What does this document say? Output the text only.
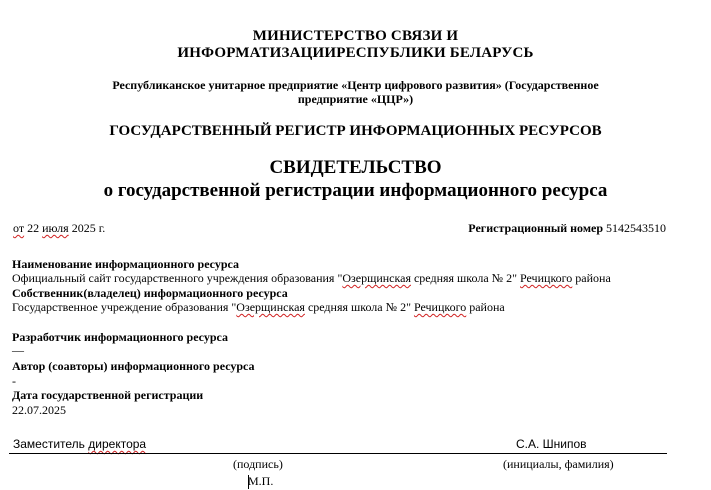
МИНИСТЕРСТВО СВЯЗИ И
ИНФОРМАТИЗАЦИИРЕСПУБЛИКИ БЕЛАРУСЬ
Республиканское унитарное предприятие «Центр цифрового развития» (Государственное
предприятие «ЦЦР»)
ГОСУДАРСТВЕННЫЙ РЕГИСТР ИНФОРМАЦИОННЫХ РЕСУРСОВ
СВИДЕТЕЛЬСТВО
о государственной регистрации информационного ресурса
от 22 июля 2025 г.	Регистрационный номер 5142543510
Наименование информационного ресурса
Официальный сайт государственного учреждения образования "Озерщинская средняя школа № 2" Речицкого района
Собственник(владелец) информационного ресурса
Государственное учреждение образования "Озерщинская средняя школа № 2" Речицкого района
Разработчик информационного ресурса
—
Автор (соавторы) информационного ресурса
-
Дата государственной регистрации
22.07.2025
Заместитель директора	С.А. Шнипов
(подпись)	(инициалы, фамилия)
М.П.
